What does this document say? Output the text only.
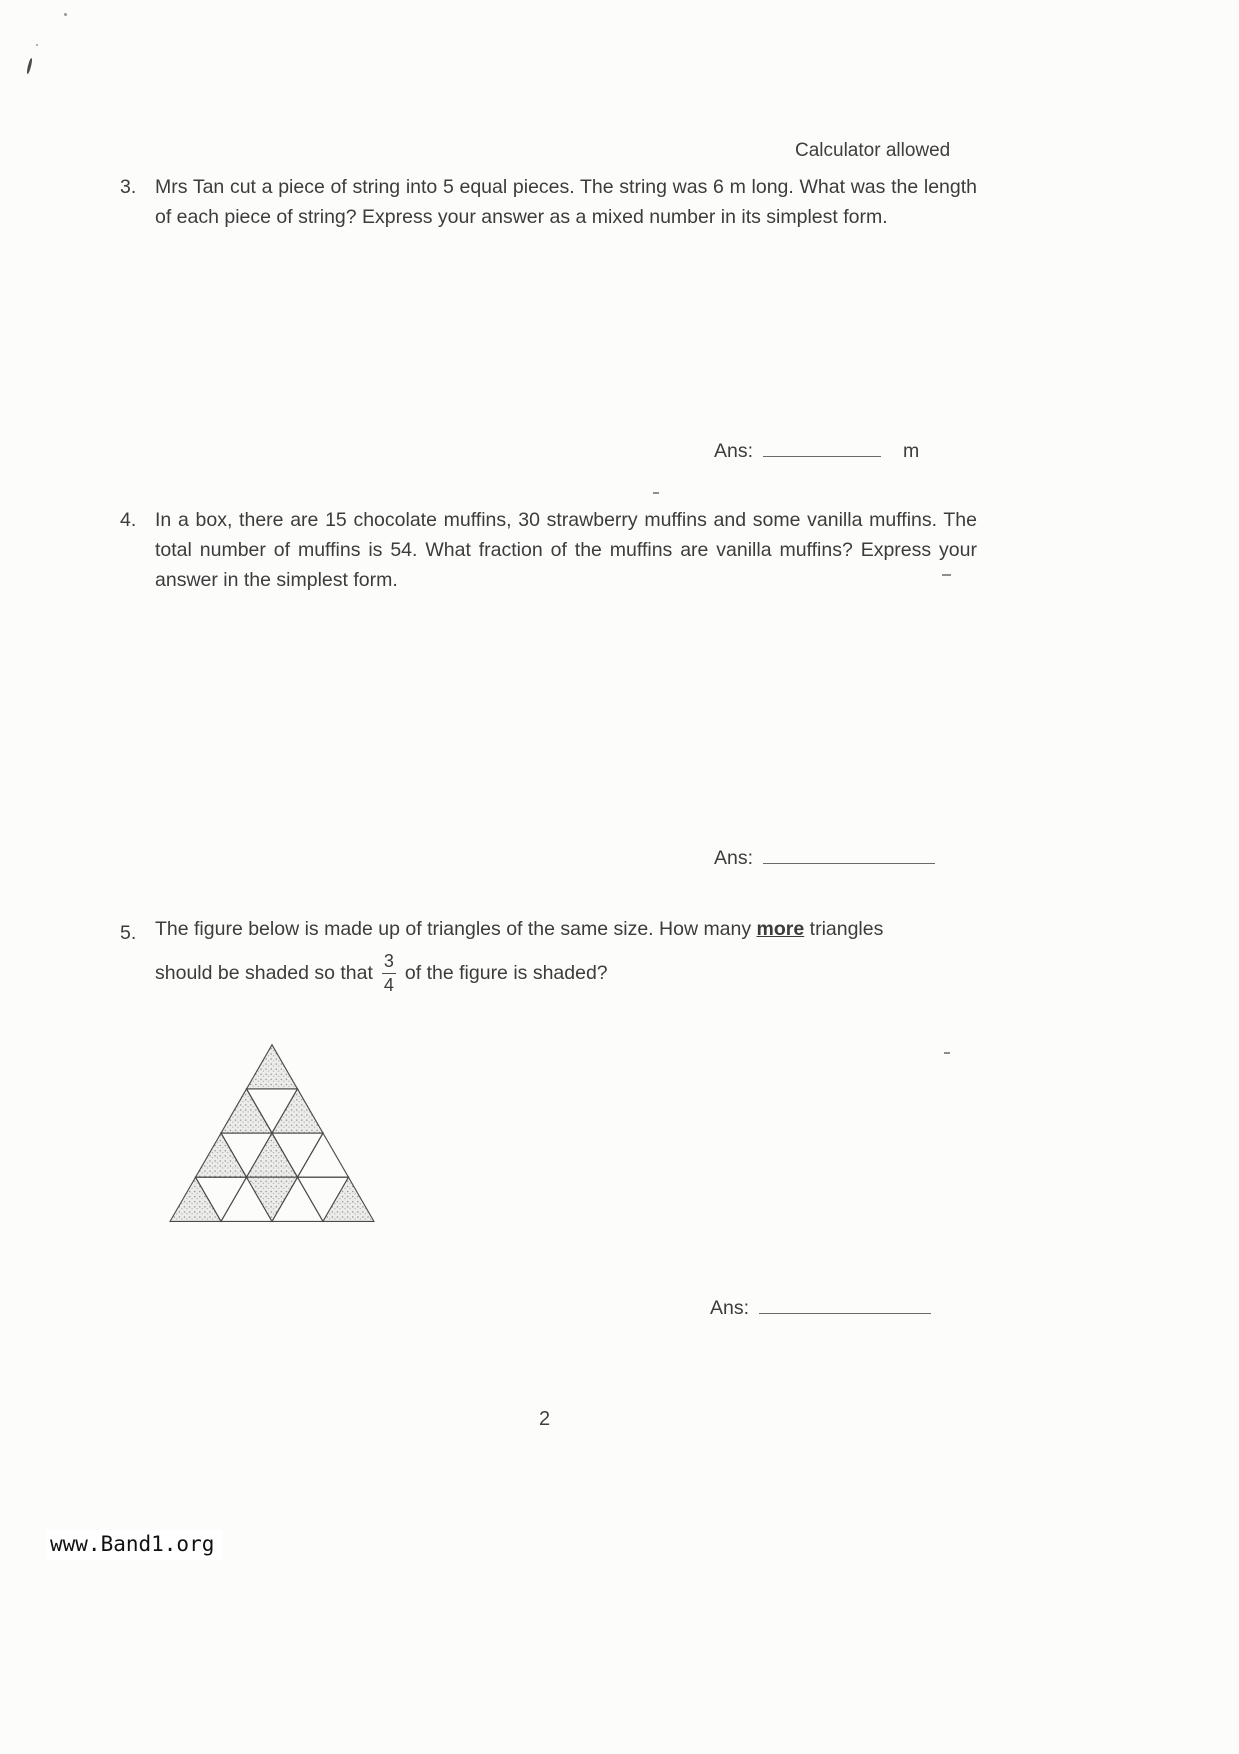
Calculator allowed
3. Mrs Tan cut a piece of string into 5 equal pieces. The string was 6 m long. What was the length of each piece of string? Express your answer as a mixed number in its simplest form.
Ans:	m
4. In a box, there are 15 chocolate muffins, 30 strawberry muffins and some vanilla muffins. The total number of muffins is 54. What fraction of the muffins are vanilla muffins? Express your answer in the simplest form.
Ans:
5. The figure below is made up of triangles of the same size. How many more triangles
should be shaded so that $\frac{3}{4}$ of the figure is shaded?
Ans:
2
www.Band1.org
